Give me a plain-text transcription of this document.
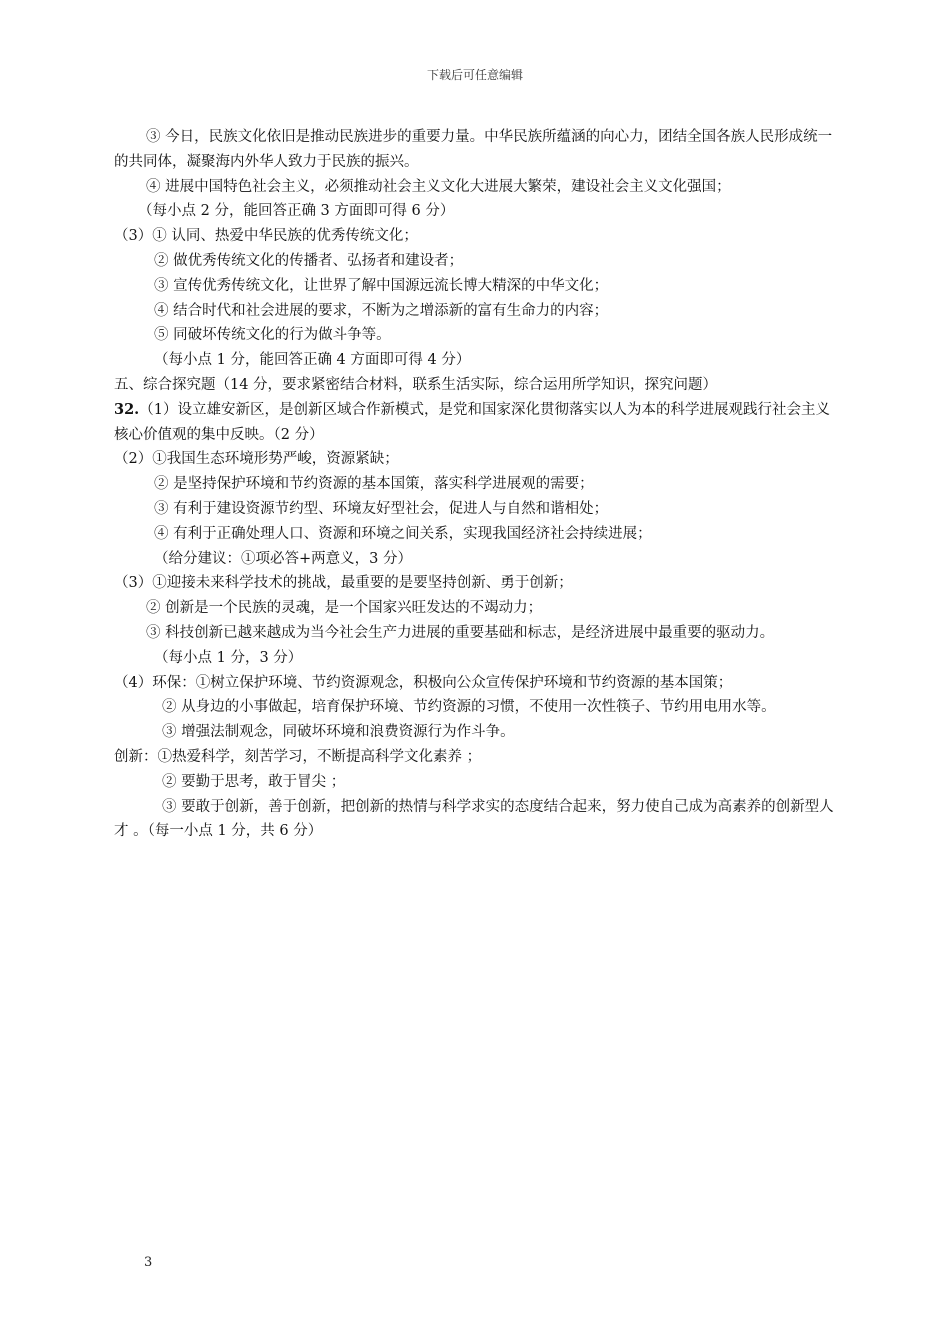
下载后可任意编辑
③ 今日，民族文化依旧是推动民族进步的重要力量。中华民族所蕴涵的向心力，团结全国各族人民形成统一的共同体，凝聚海内外华人致力于民族的振兴。
④ 进展中国特色社会主义，必须推动社会主义文化大进展大繁荣，建设社会主义文化强国；
（每小点 2 分，能回答正确 3 方面即可得 6 分）
（3）① 认同、热爱中华民族的优秀传统文化；
② 做优秀传统文化的传播者、弘扬者和建设者；
③ 宣传优秀传统文化，让世界了解中国源远流长博大精深的中华文化；
④ 结合时代和社会进展的要求，不断为之增添新的富有生命力的内容；
⑤ 同破坏传统文化的行为做斗争等。
（每小点 1 分，能回答正确 4 方面即可得 4 分）
五、综合探究题（14 分，要求紧密结合材料，联系生活实际，综合运用所学知识，探究问题）
32.（1）设立雄安新区，是创新区域合作新模式，是党和国家深化贯彻落实以人为本的科学进展观践行社会主义核心价值观的集中反映。（2 分）
（2）①我国生态环境形势严峻，资源紧缺；
② 是坚持保护环境和节约资源的基本国策，落实科学进展观的需要；
③ 有利于建设资源节约型、环境友好型社会，促进人与自然和谐相处；
④ 有利于正确处理人口、资源和环境之间关系，实现我国经济社会持续进展；
（给分建议：①项必答+两意义，3 分）
（3）①迎接未来科学技术的挑战，最重要的是要坚持创新、勇于创新；
② 创新是一个民族的灵魂，是一个国家兴旺发达的不竭动力；
③ 科技创新已越来越成为当今社会生产力进展的重要基础和标志，是经济进展中最重要的驱动力。
（每小点 1 分，3 分）
（4）环保：①树立保护环境、节约资源观念，积极向公众宣传保护环境和节约资源的基本国策；
② 从身边的小事做起，培育保护环境、节约资源的习惯，不使用一次性筷子、节约用电用水等。
③ 增强法制观念，同破坏环境和浪费资源行为作斗争。
创新：①热爱科学，刻苦学习，不断提高科学文化素养 ；
② 要勤于思考，敢于冒尖 ；
③ 要敢于创新，善于创新，把创新的热情与科学求实的态度结合起来，努力使自己成为高素养的创新型人才 。（每一小点 1 分，共 6 分）
3
